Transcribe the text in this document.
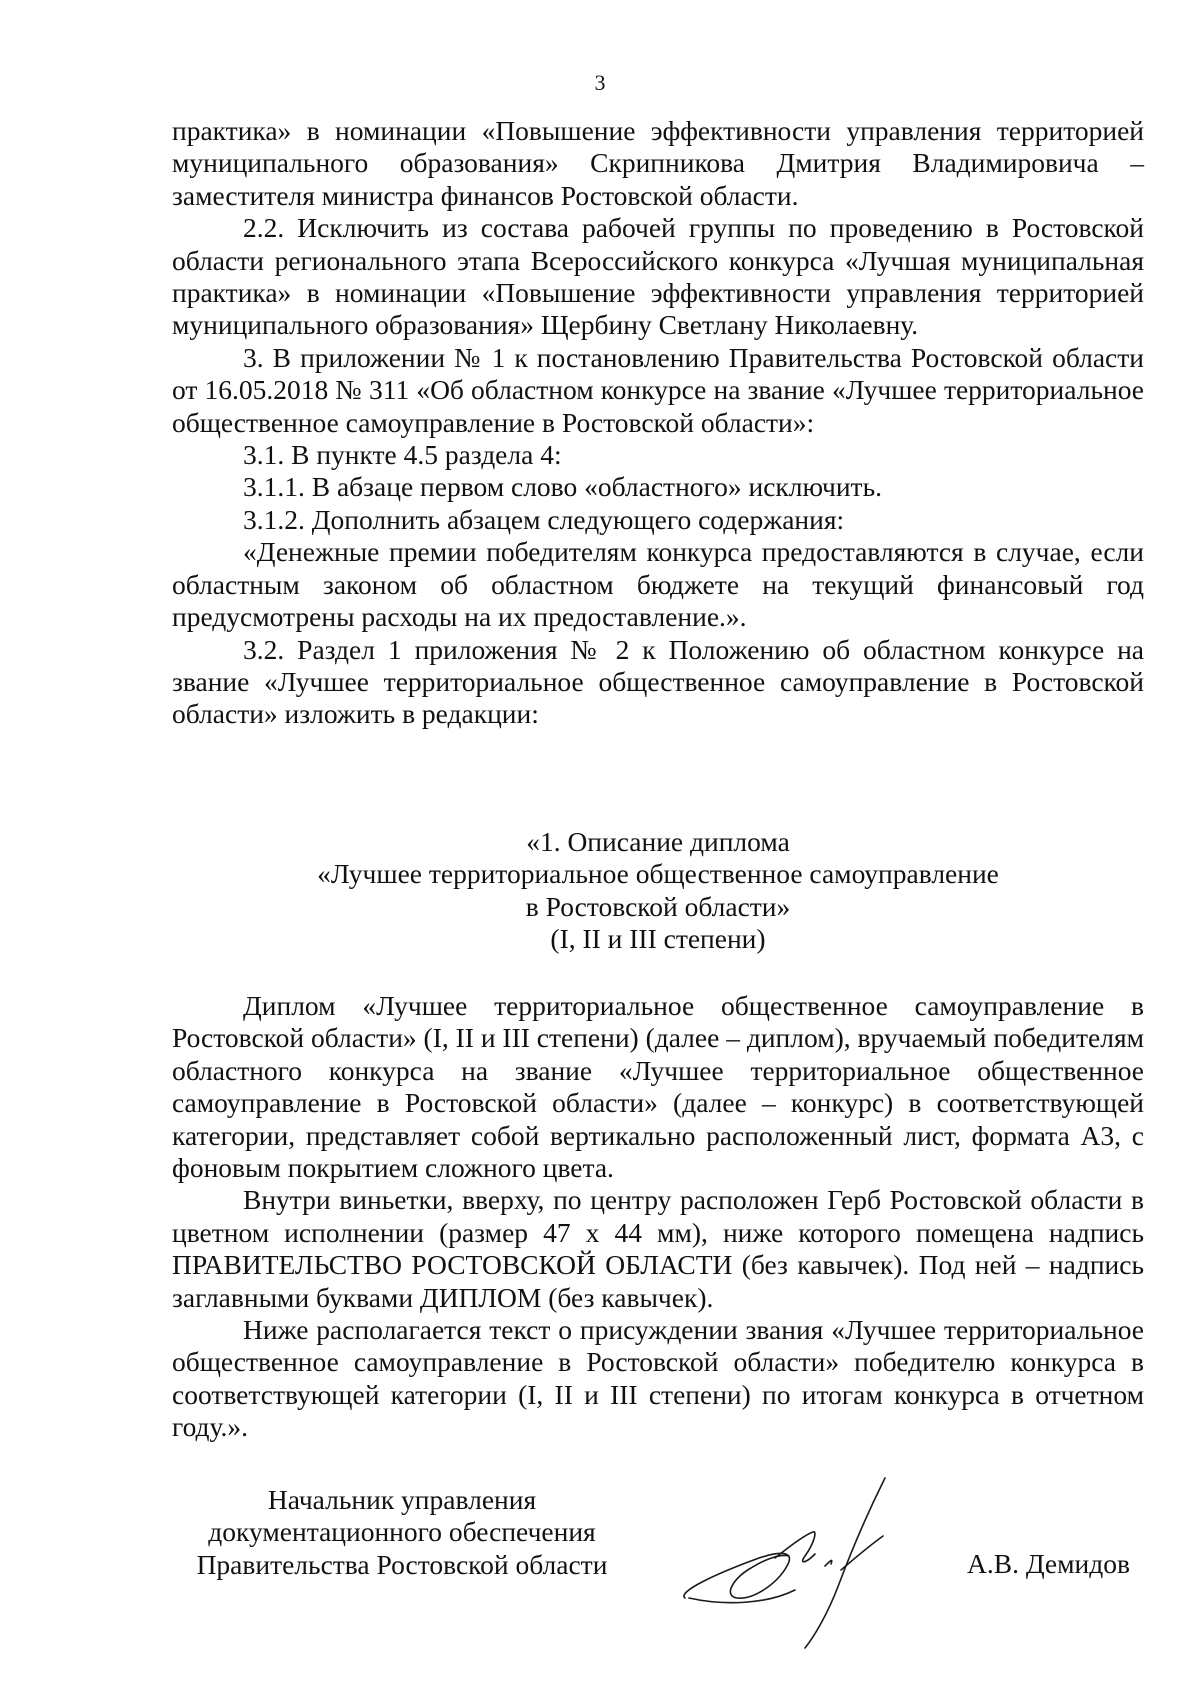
3

практика» в номинации «Повышение эффективности управления территорией муниципального образования» Скрипникова Дмитрия Владимировича – заместителя министра финансов Ростовской области.

2.2. Исключить из состава рабочей группы по проведению в Ростовской области регионального этапа Всероссийского конкурса «Лучшая муниципальная практика» в номинации «Повышение эффективности управления территорией муниципального образования» Щербину Светлану Николаевну.

3. В приложении № 1 к постановлению Правительства Ростовской области от 16.05.2018 № 311 «Об областном конкурсе на звание «Лучшее территориальное общественное самоуправление в Ростовской области»:

3.1. В пункте 4.5 раздела 4:

3.1.1. В абзаце первом слово «областного» исключить.

3.1.2. Дополнить абзацем следующего содержания:

«Денежные премии победителям конкурса предоставляются в случае, если областным законом об областном бюджете на текущий финансовый год предусмотрены расходы на их предоставление.».

3.2. Раздел 1 приложения № 2 к Положению об областном конкурсе на звание «Лучшее территориальное общественное самоуправление в Ростовской области» изложить в редакции:

«1. Описание диплома
«Лучшее территориальное общественное самоуправление
в Ростовской области»
(I, II и III степени)

Диплом «Лучшее территориальное общественное самоуправление в Ростовской области» (I, II и III степени) (далее – диплом), вручаемый победителям областного конкурса на звание «Лучшее территориальное общественное самоуправление в Ростовской области» (далее – конкурс) в соответствующей категории, представляет собой вертикально расположенный лист, формата А3, с фоновым покрытием сложного цвета.

Внутри виньетки, вверху, по центру расположен Герб Ростовской области в цветном исполнении (размер 47 х 44 мм), ниже которого помещена надпись ПРАВИТЕЛЬСТВО РОСТОВСКОЙ ОБЛАСТИ (без кавычек). Под ней – надпись заглавными буквами ДИПЛОМ (без кавычек).

Ниже располагается текст о присуждении звания «Лучшее территориальное общественное самоуправление в Ростовской области» победителю конкурса в соответствующей категории (I, II и III степени) по итогам конкурса в отчетном году.».

Начальник управления
документационного обеспечения
Правительства Ростовской области	А.В. Демидов
